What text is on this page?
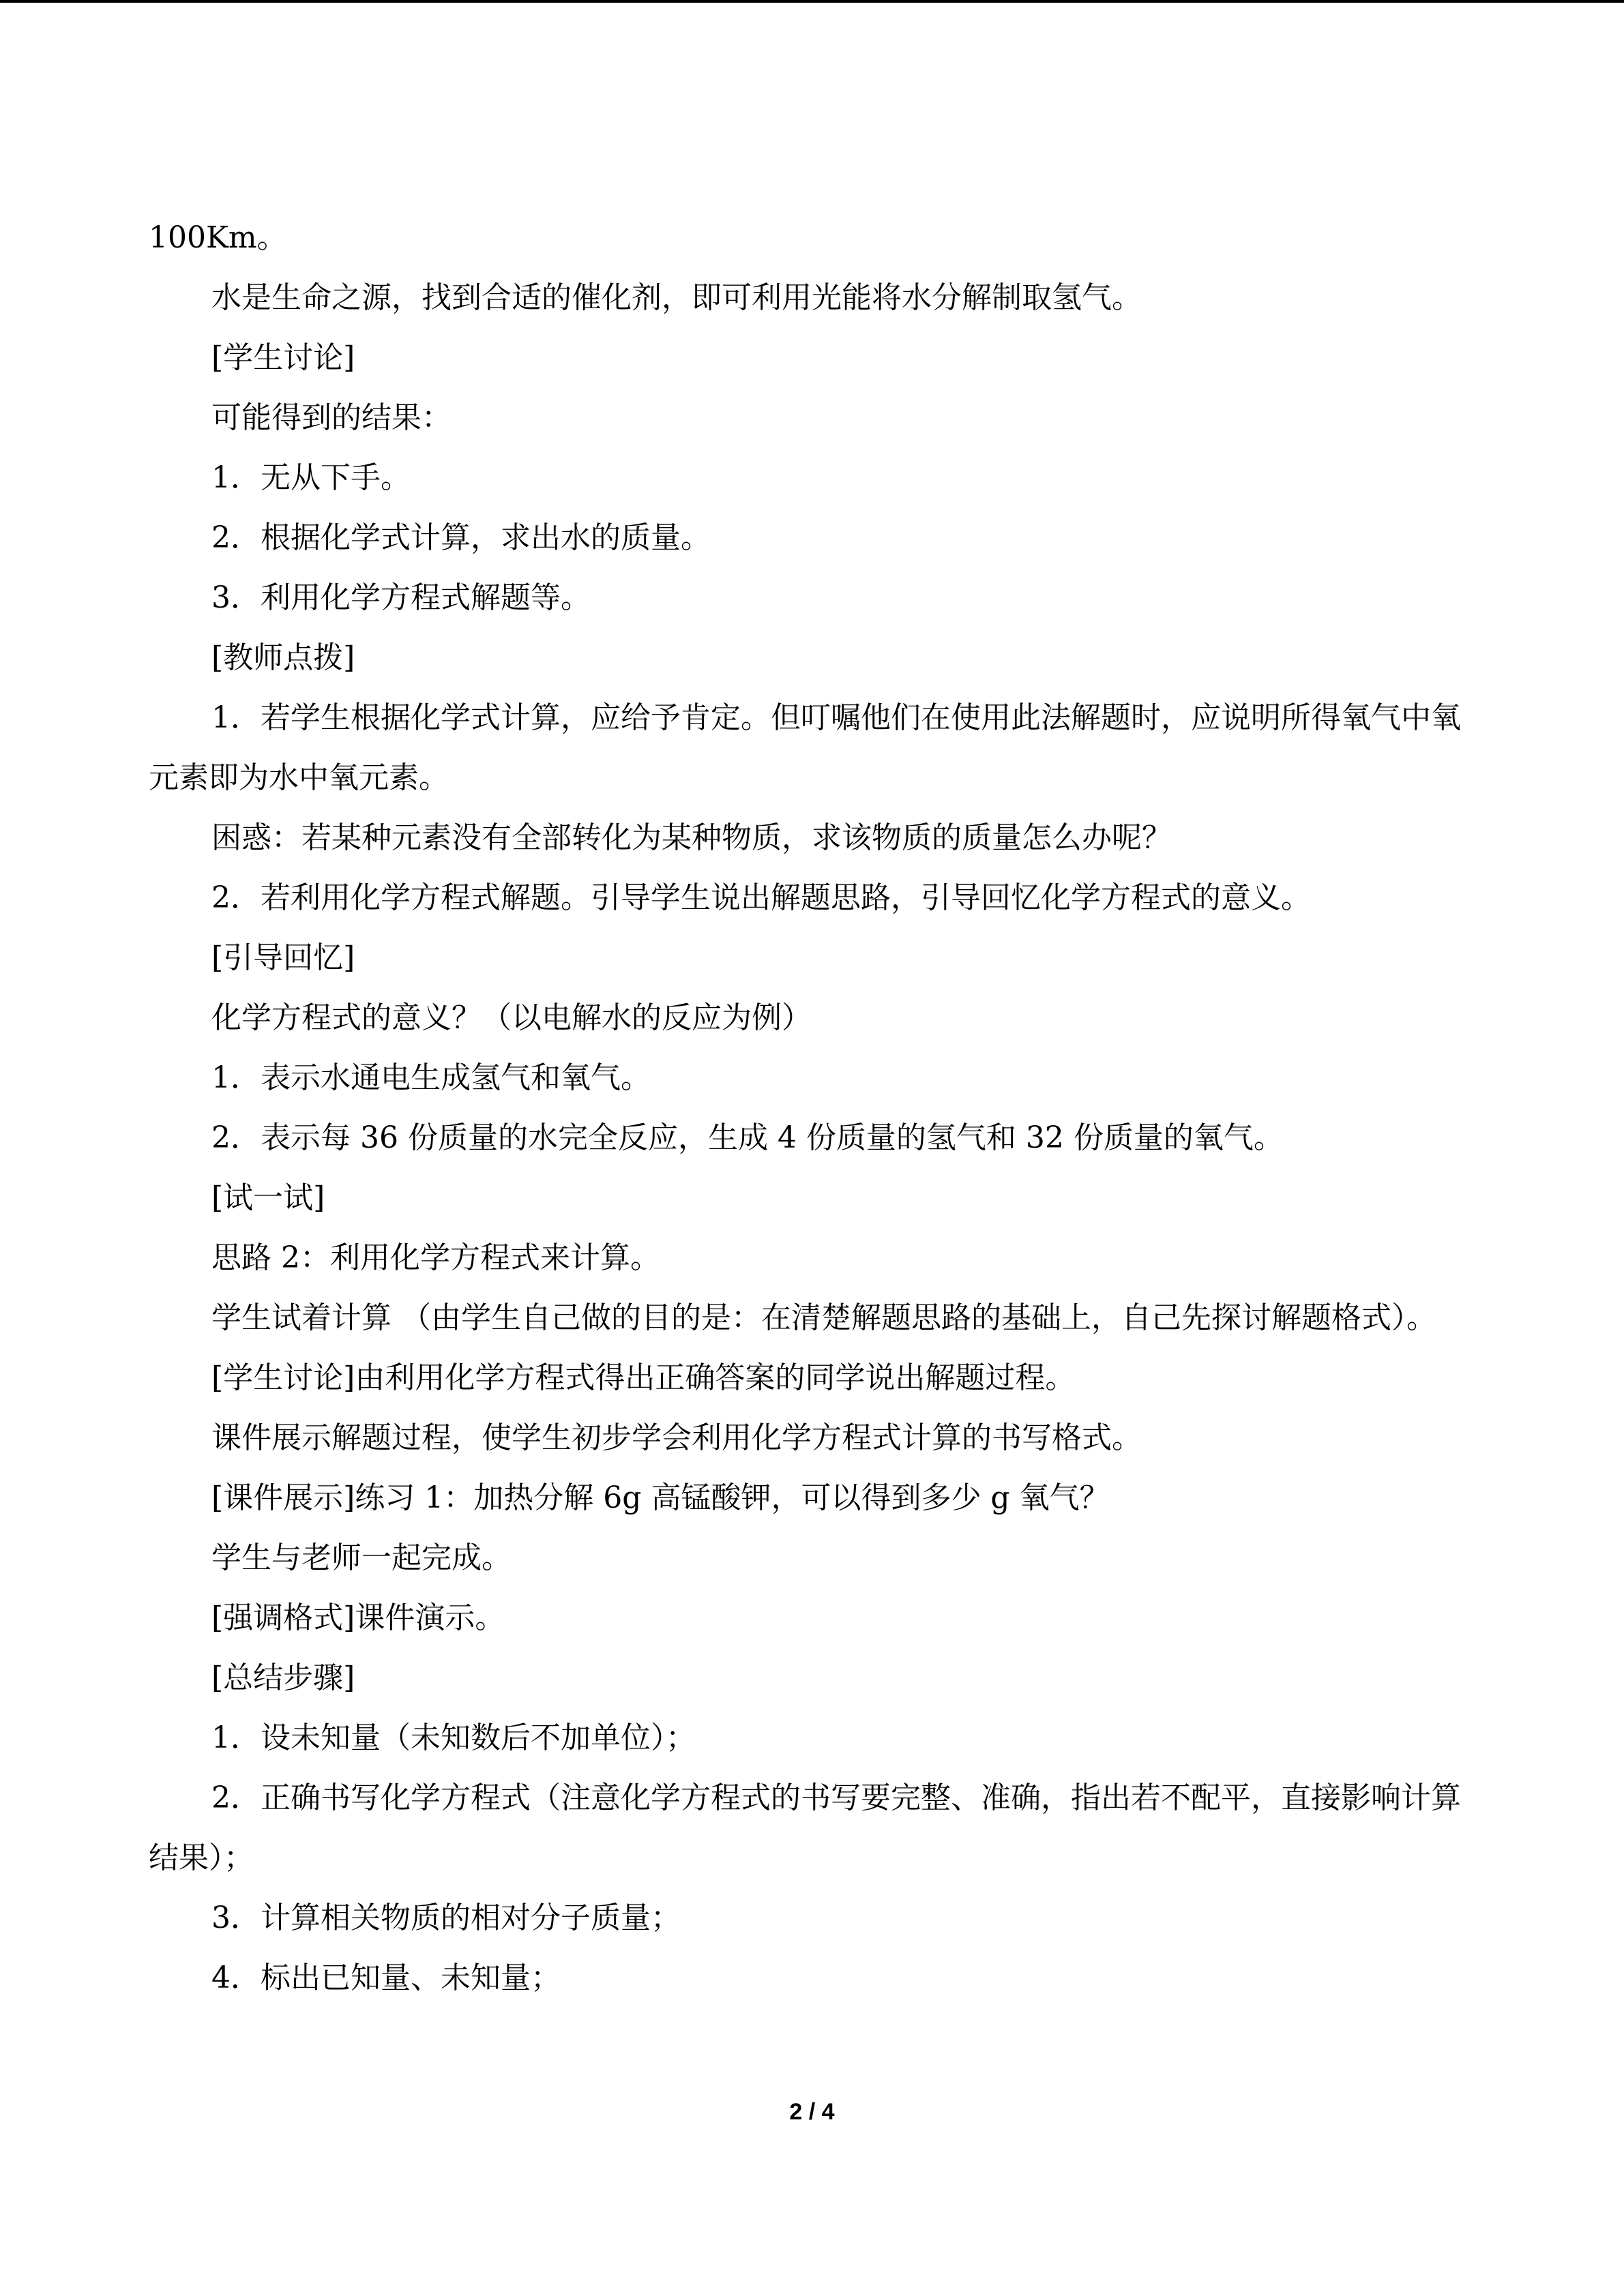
100Km。

水是生命之源，找到合适的催化剂，即可利用光能将水分解制取氢气。

[学生讨论]

可能得到的结果：

1．无从下手。

2．根据化学式计算，求出水的质量。

3．利用化学方程式解题等。

[教师点拨]

1．若学生根据化学式计算，应给予肯定。但叮嘱他们在使用此法解题时，应说明所得氧气中氧元素即为水中氧元素。

困惑：若某种元素没有全部转化为某种物质，求该物质的质量怎么办呢？

2．若利用化学方程式解题。引导学生说出解题思路，引导回忆化学方程式的意义。

[引导回忆]

化学方程式的意义？（以电解水的反应为例）

1．表示水通电生成氢气和氧气。

2．表示每 36 份质量的水完全反应，生成 4 份质量的氢气和 32 份质量的氧气。

[试一试]

思路 2：利用化学方程式来计算。

学生试着计算 （由学生自己做的目的是：在清楚解题思路的基础上，自己先探讨解题格式）。

[学生讨论]由利用化学方程式得出正确答案的同学说出解题过程。

课件展示解题过程，使学生初步学会利用化学方程式计算的书写格式。

[课件展示]练习 1：加热分解 6g 高锰酸钾，可以得到多少 g 氧气？

学生与老师一起完成。

[强调格式]课件演示。

[总结步骤]

1．设未知量（未知数后不加单位）；

2．正确书写化学方程式（注意化学方程式的书写要完整、准确，指出若不配平，直接影响计算结果）；

3．计算相关物质的相对分子质量；

4．标出已知量、未知量；

2 / 4
